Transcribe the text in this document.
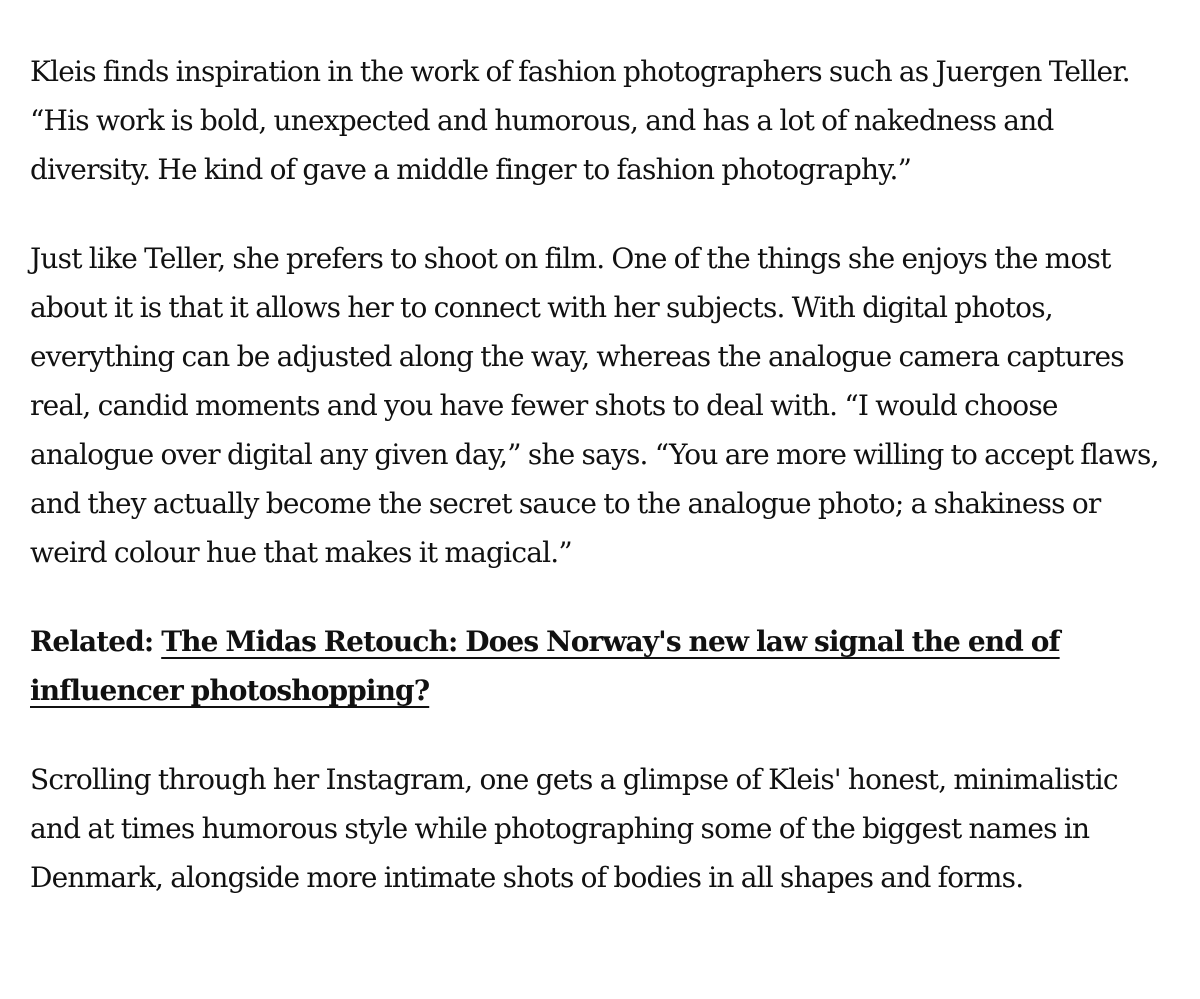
Kleis finds inspiration in the work of fashion photographers such as Juergen Teller. “His work is bold, unexpected and humorous, and has a lot of nakedness and diversity. He kind of gave a middle finger to fashion photography.”

Just like Teller, she prefers to shoot on film. One of the things she enjoys the most about it is that it allows her to connect with her subjects. With digital photos, everything can be adjusted along the way, whereas the analogue camera captures real, candid moments and you have fewer shots to deal with. “I would choose analogue over digital any given day,” she says. “You are more willing to accept flaws, and they actually become the secret sauce to the analogue photo; a shakiness or weird colour hue that makes it magical.”

Related: The Midas Retouch: Does Norway's new law signal the end of influencer photoshopping?

Scrolling through her Instagram, one gets a glimpse of Kleis' honest, minimalistic and at times humorous style while photographing some of the biggest names in Denmark, alongside more intimate shots of bodies in all shapes and forms.
